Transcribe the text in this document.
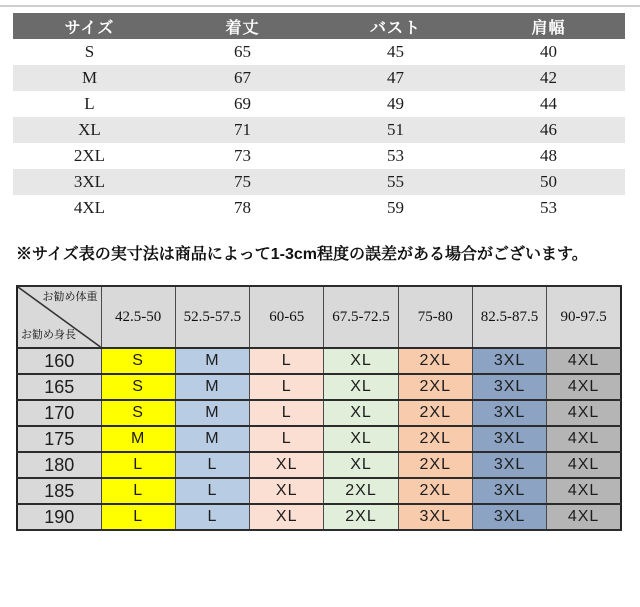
サイズ	着丈	バスト	肩幅
S	65	45	40
M	67	47	42
L	69	49	44
XL	71	51	46
2XL	73	53	48
3XL	75	55	50
4XL	78	59	53

※サイズ表の実寸法は商品によって1-3cm程度の誤差がある場合がございます。

お勧め体重
お勧め身長	42.5-50	52.5-57.5	60-65	67.5-72.5	75-80	82.5-87.5	90-97.5
160	S	M	L	XL	2XL	3XL	4XL
165	S	M	L	XL	2XL	3XL	4XL
170	S	M	L	XL	2XL	3XL	4XL
175	M	M	L	XL	2XL	3XL	4XL
180	L	L	XL	XL	2XL	3XL	4XL
185	L	L	XL	2XL	2XL	3XL	4XL
190	L	L	XL	2XL	3XL	3XL	4XL
